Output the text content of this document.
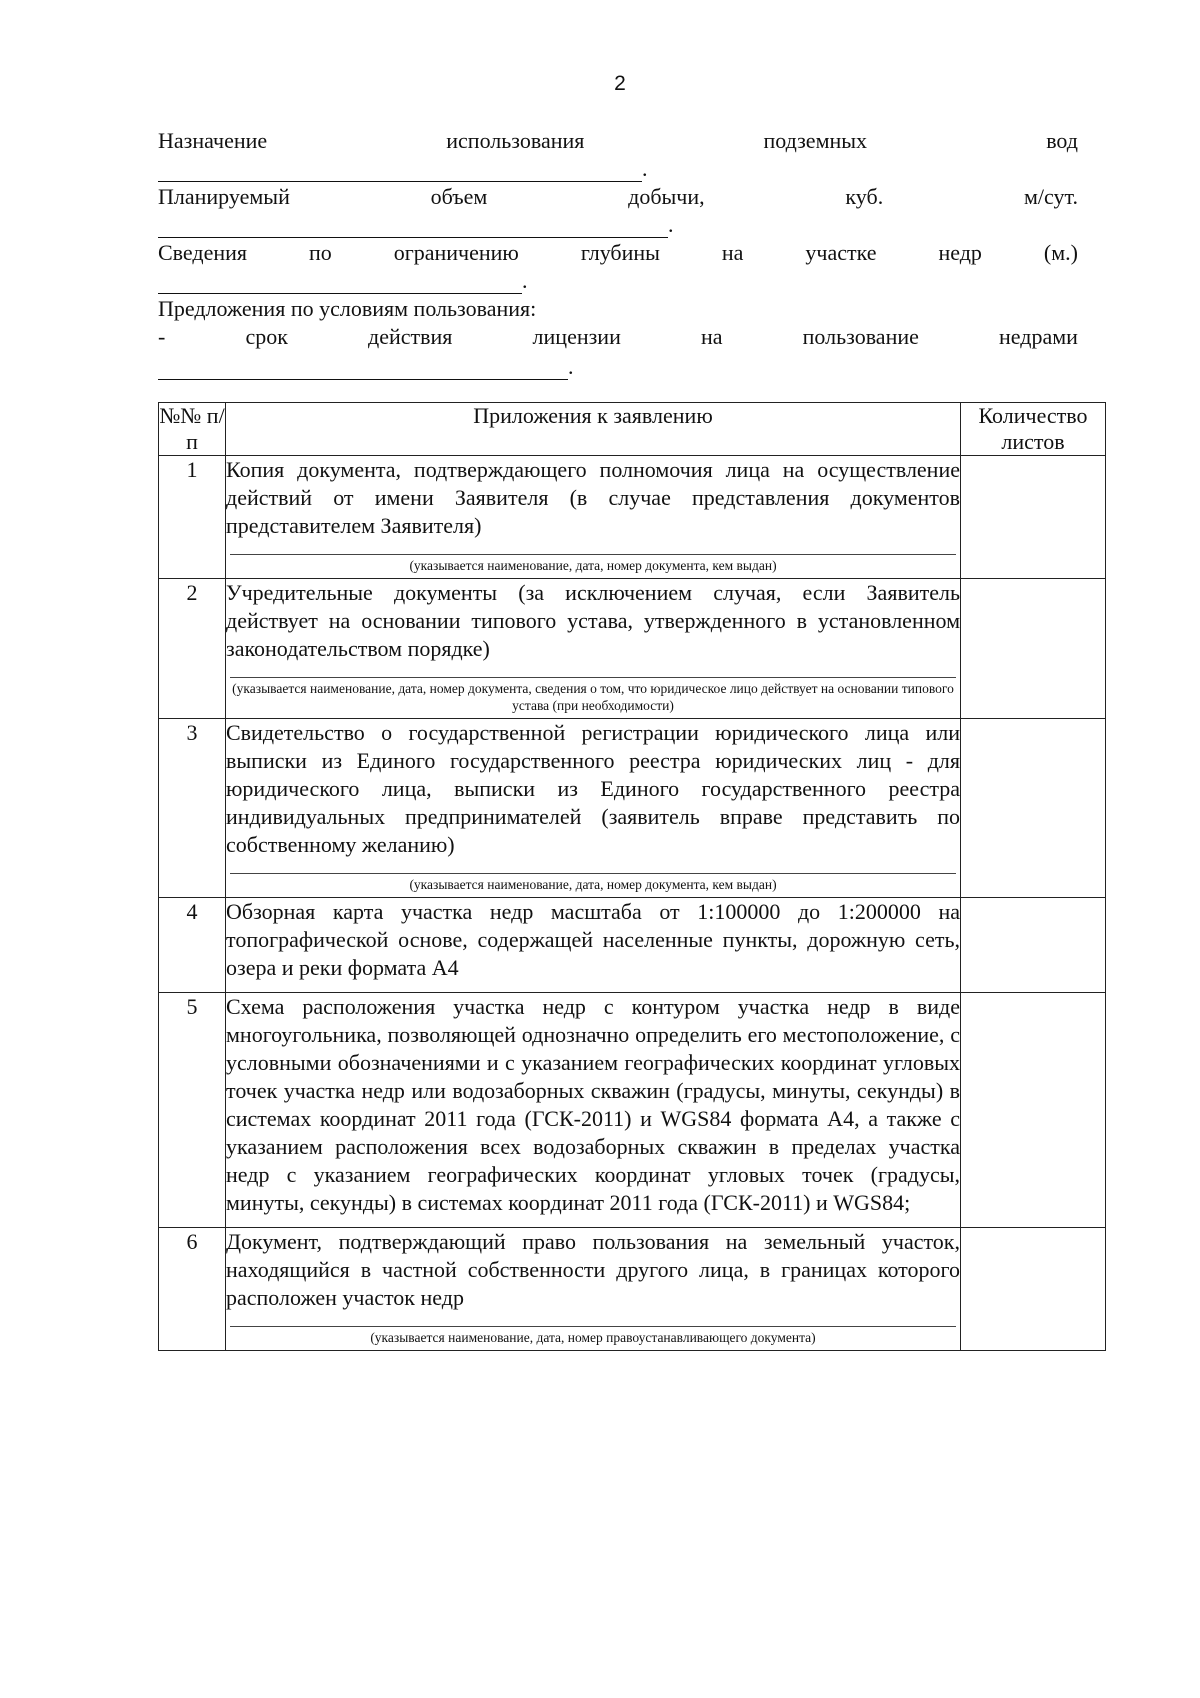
2
Назначение	использования	подземных	вод
.
Планируемый	объем	добычи,	куб.	м/сут.
.
Сведения	по	ограничению	глубины	на	участке	недр	(м.)
.
Предложения по условиям пользования:
-	срок	действия	лицензии	на	пользование	недрами
.
№№ п/п	Приложения к заявлению	Количество листов
1	Копия документа, подтверждающего полномочия лица на осуществление действий от имени Заявителя (в случае представления документов представителем Заявителя)
(указывается наименование, дата, номер документа, кем выдан)	

2	Учредительные документы (за исключением случая, если Заявитель действует на основании типового устава, утвержденного в установленном законодательством порядке)
(указывается наименование, дата, номер документа, сведения о том, что юридическое лицо действует на основании типового устава (при необходимости)	

3	Свидетельство о государственной регистрации юридического лица или выписки из Единого государственного реестра юридических лиц - для юридического лица, выписки из Единого государственного реестра индивидуальных предпринимателей (заявитель вправе представить по собственному желанию)
(указывается наименование, дата, номер документа, кем выдан)	

4	Обзорная карта участка недр масштаба от 1:100000 до 1:200000 на топографической основе, содержащей населенные пункты, дорожную сеть, озера и реки формата А4	

5	Схема расположения участка недр с контуром участка недр в виде многоугольника, позволяющей однозначно определить его местоположение, с условными обозначениями и с указанием географических координат угловых точек участка недр или водозаборных скважин (градусы, минуты, секунды) в системах координат 2011 года (ГСК-2011) и WGS84 формата А4, а также с указанием расположения всех водозаборных скважин в пределах участка недр с указанием географических координат угловых точек (градусы, минуты, секунды) в системах координат 2011 года (ГСК-2011) и WGS84;	

6	Документ, подтверждающий право пользования на земельный участок, находящийся в частной собственности другого лица, в границах которого расположен участок недр
(указывается наименование, дата, номер правоустанавливающего документа)	
